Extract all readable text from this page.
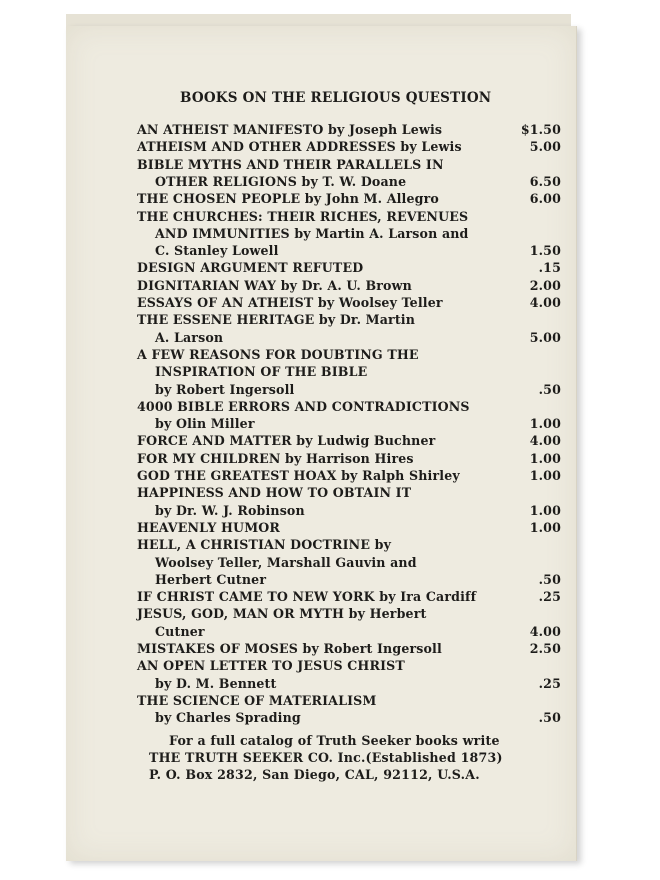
BOOKS ON THE RELIGIOUS QUESTION
AN ATHEIST MANIFESTO by Joseph Lewis	$1.50
ATHEISM AND OTHER ADDRESSES by Lewis	5.00
BIBLE MYTHS AND THEIR PARALLELS IN
OTHER RELIGIONS by T. W. Doane	6.50
THE CHOSEN PEOPLE by John M. Allegro	6.00
THE CHURCHES: THEIR RICHES, REVENUES
AND IMMUNITIES by Martin A. Larson and
C. Stanley Lowell	1.50
DESIGN ARGUMENT REFUTED	.15
DIGNITARIAN WAY by Dr. A. U. Brown	2.00
ESSAYS OF AN ATHEIST by Woolsey Teller	4.00
THE ESSENE HERITAGE by Dr. Martin
A. Larson	5.00
A FEW REASONS FOR DOUBTING THE
INSPIRATION OF THE BIBLE
by Robert Ingersoll	.50
4000 BIBLE ERRORS AND CONTRADICTIONS
by Olin Miller	1.00
FORCE AND MATTER by Ludwig Buchner	4.00
FOR MY CHILDREN by Harrison Hires	1.00
GOD THE GREATEST HOAX by Ralph Shirley	1.00
HAPPINESS AND HOW TO OBTAIN IT
by Dr. W. J. Robinson	1.00
HEAVENLY HUMOR	1.00
HELL, A CHRISTIAN DOCTRINE by
Woolsey Teller, Marshall Gauvin and
Herbert Cutner	.50
IF CHRIST CAME TO NEW YORK by Ira Cardiff	.25
JESUS, GOD, MAN OR MYTH by Herbert
Cutner	4.00
MISTAKES OF MOSES by Robert Ingersoll	2.50
AN OPEN LETTER TO JESUS CHRIST
by D. M. Bennett	.25
THE SCIENCE OF MATERIALISM
by Charles Sprading	.50
For a full catalog of Truth Seeker books write
THE TRUTH SEEKER CO. Inc.(Established 1873)
P. O. Box 2832, San Diego, CAL, 92112, U.S.A.
